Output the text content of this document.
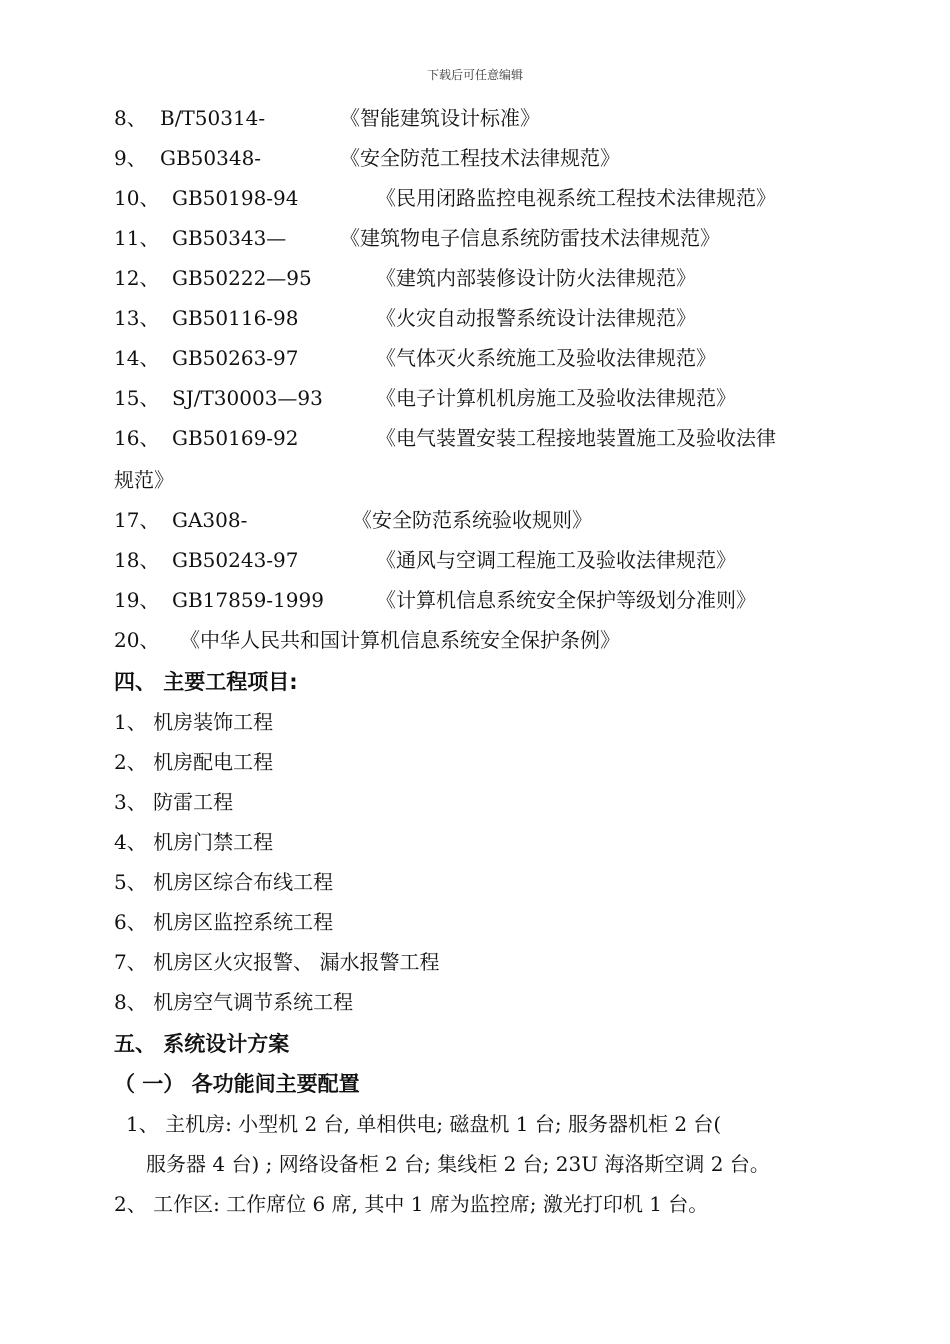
下载后可任意编辑
8、 B/T50314-	《智能建筑设计标准》
9、 GB50348-	《安全防范工程技术法律规范》
10、 GB50198-94	《民用闭路监控电视系统工程技术法律规范》
11、 GB50343—	《建筑物电子信息系统防雷技术法律规范》
12、 GB50222—95	《建筑内部装修设计防火法律规范》
13、 GB50116-98	《火灾自动报警系统设计法律规范》
14、 GB50263-97	《气体灭火系统施工及验收法律规范》
15、 SJ/T30003—93	《电子计算机机房施工及验收法律规范》
16、 GB50169-92	《电气装置安装工程接地装置施工及验收法律
规范》
17、 GA308-	《安全防范系统验收规则》
18、 GB50243-97	《通风与空调工程施工及验收法律规范》
19、 GB17859-1999	《计算机信息系统安全保护等级划分准则》
20、 《中华人民共和国计算机信息系统安全保护条例》
四、 主要工程项目:
1、 机房装饰工程
2、 机房配电工程
3、 防雷工程
4、 机房门禁工程
5、 机房区综合布线工程
6、 机房区监控系统工程
7、 机房区火灾报警、 漏水报警工程
8、 机房空气调节系统工程
五、 系统设计方案
（ 一） 各功能间主要配置
1、 主机房: 小型机 2 台, 单相供电; 磁盘机 1 台; 服务器机柜 2 台(
服务器 4 台) ; 网络设备柜 2 台; 集线柜 2 台; 23U 海洛斯空调 2 台。
2、 工作区: 工作席位 6 席, 其中 1 席为监控席; 激光打印机 1 台。
